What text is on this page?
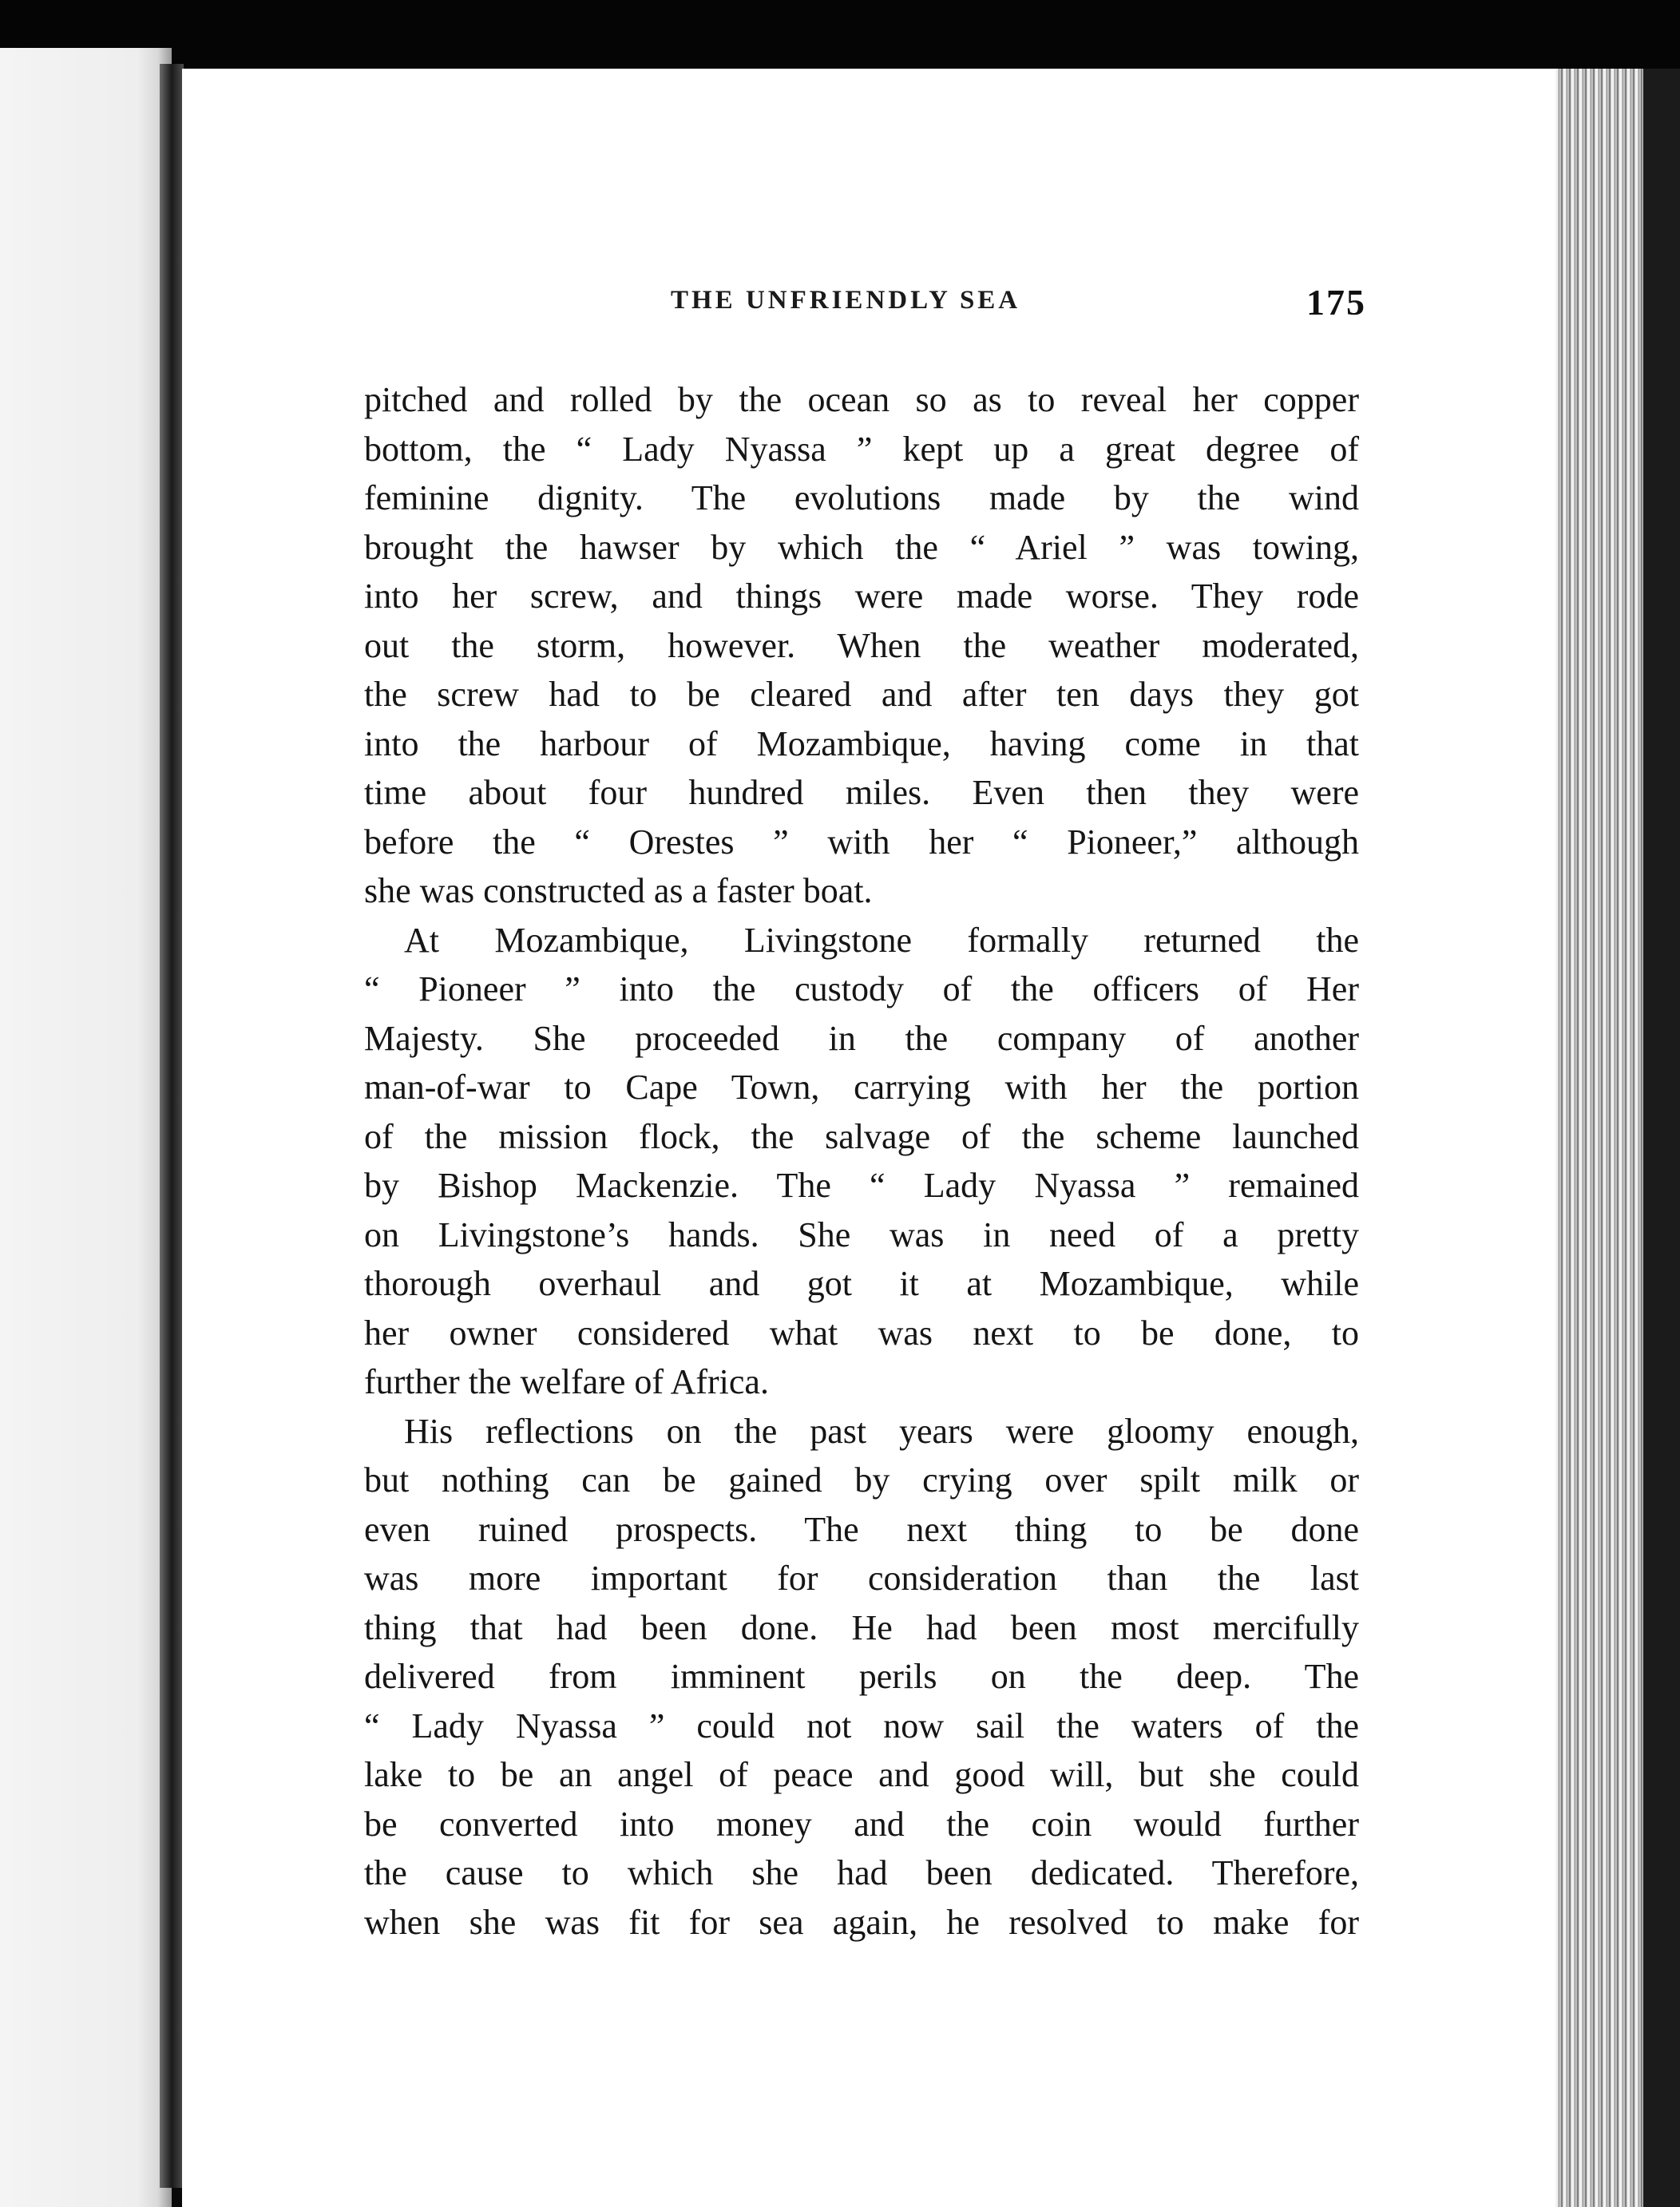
THE UNFRIENDLY SEA	175
pitched and rolled by the ocean so as to reveal her copper
bottom, the “ Lady Nyassa ” kept up a great degree of
feminine dignity. The evolutions made by the wind
brought the hawser by which the “ Ariel ” was towing,
into her screw, and things were made worse. They rode
out the storm, however. When the weather moderated,
the screw had to be cleared and after ten days they got
into the harbour of Mozambique, having come in that
time about four hundred miles. Even then they were
before the “ Orestes ” with her “ Pioneer,” although
she was constructed as a faster boat.
At Mozambique, Livingstone formally returned the
“ Pioneer ” into the custody of the officers of Her
Majesty. She proceeded in the company of another
man-of-war to Cape Town, carrying with her the portion
of the mission flock, the salvage of the scheme launched
by Bishop Mackenzie. The “ Lady Nyassa ” remained
on Livingstone’s hands. She was in need of a pretty
thorough overhaul and got it at Mozambique, while
her owner considered what was next to be done, to
further the welfare of Africa.
His reflections on the past years were gloomy enough,
but nothing can be gained by crying over spilt milk or
even ruined prospects. The next thing to be done
was more important for consideration than the last
thing that had been done. He had been most mercifully
delivered from imminent perils on the deep. The
“ Lady Nyassa ” could not now sail the waters of the
lake to be an angel of peace and good will, but she could
be converted into money and the coin would further
the cause to which she had been dedicated. Therefore,
when she was fit for sea again, he resolved to make for
